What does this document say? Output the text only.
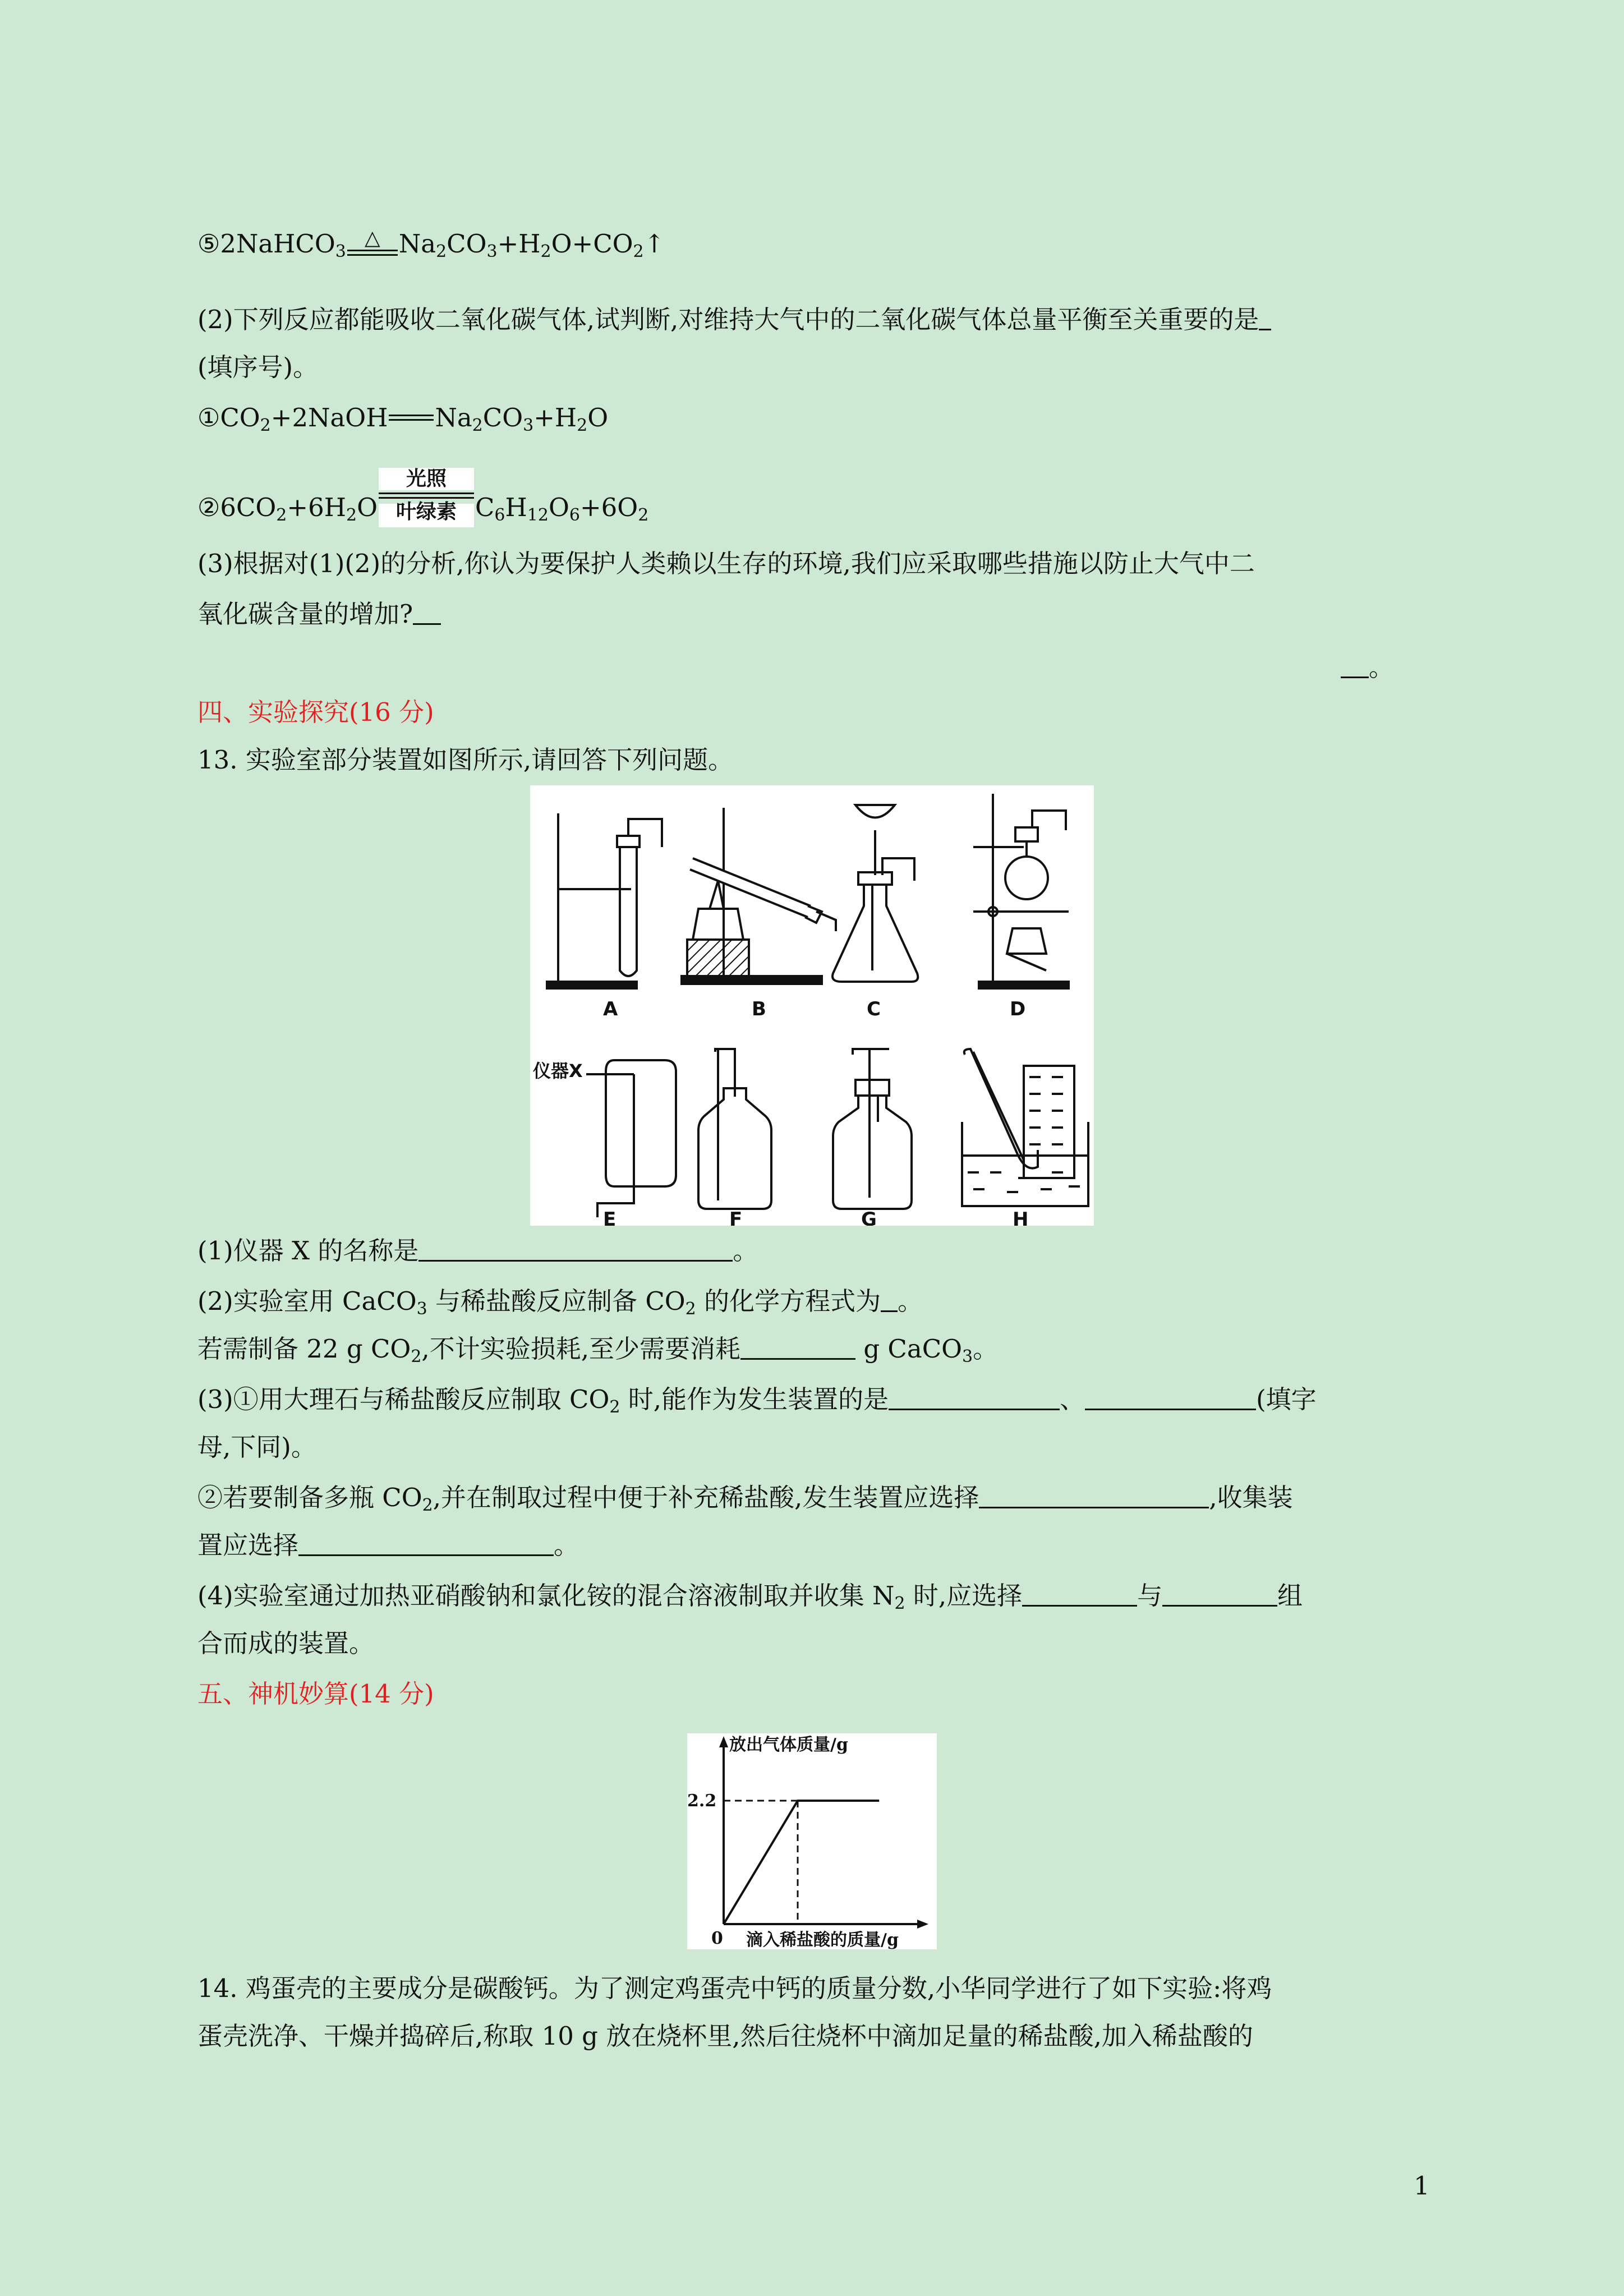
⑤2NaHCO$_3$
△ $Na_2CO_3+H_2O+CO_2↑$
(2)下列反应都能吸收二氧化碳气体,试判断,对维持大气中的二氧化碳气体总量平衡至关重要的是
(填序号)。
$①CO_2+2NaOH$ $Na_2CO_3+H_2O$
$②6CO_2+6H_2O$
光照
叶绿素 $C_6H_{12}O_6+6O_2$
(3)根据对(1)(2)的分析,你认为要保护人类赖以生存的环境,我们应采取哪些措施以防止大气中二
氧化碳含量的增加?
。
四、实验探究(16 分)
13. 实验室部分装置如图所示,请回答下列问题。
A	B	C	D
仪器X
E	F	G	H
(1)仪器 X 的名称是	。
(2)实验室用 CaCO$_3$ 与稀盐酸反应制备 $CO_2$ 的化学方程式为 。
若需制备 22 g $CO_2$,不计实验损耗,至少需要消耗	g CaCO$_3$。
(3)①用大理石与稀盐酸反应制取 $CO_2$ 时,能作为发生装置的是	、	(填字
母,下同)。
②若要制备多瓶 $CO_2$,并在制取过程中便于补充稀盐酸,发生装置应选择	,收集装
置应选择	。
(4)实验室通过加热亚硝酸钠和氯化铵的混合溶液制取并收集 $N_2$ 时,应选择	与	组
合而成的装置。
五、神机妙算(14 分)
放出气体质量/g
滴入稀盐酸的质量/g
0
2.2
14. 鸡蛋壳的主要成分是碳酸钙。为了测定鸡蛋壳中钙的质量分数,小华同学进行了如下实验:将鸡
蛋壳洗净、干燥并捣碎后,称取 10 g 放在烧杯里,然后往烧杯中滴加足量的稀盐酸,加入稀盐酸的
1
